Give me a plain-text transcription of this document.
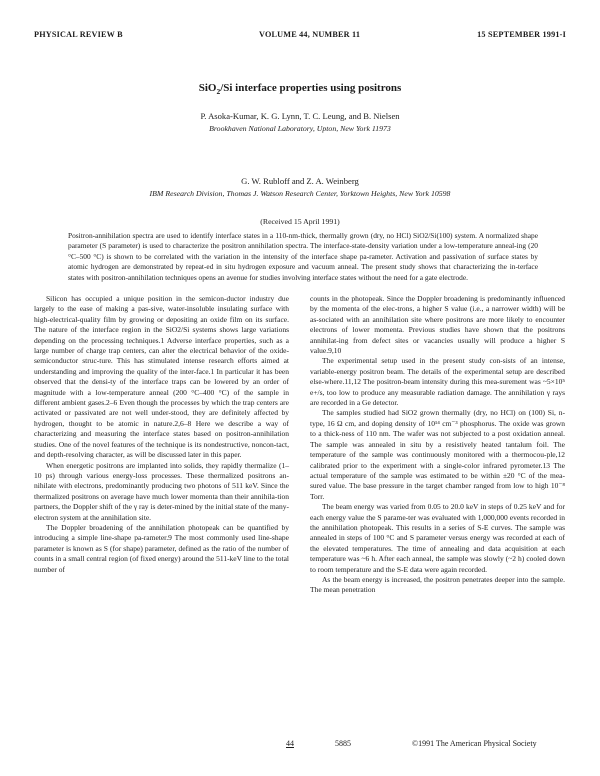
PHYSICAL REVIEW B	VOLUME 44, NUMBER 11	15 SEPTEMBER 1991-I
SiO$_2$/Si interface properties using positrons
P. Asoka-Kumar, K. G. Lynn, T. C. Leung, and B. Nielsen
Brookhaven National Laboratory, Upton, New York 11973
G. W. Rubloff and Z. A. Weinberg
IBM Research Division, Thomas J. Watson Research Center, Yorktown Heights, New York 10598
(Received 15 April 1991)
Positron-annihilation spectra are used to identify interface states in a 110-nm-thick, thermally grown (dry, no HCl) SiO2/Si(100) system. A normalized shape parameter (S parameter) is used to characterize the positron annihilation spectra. The interface-state-density variation under a low-temperature anneal-ing (20 °C–500 °C) is shown to be correlated with the variation in the intensity of the interface shape pa-rameter. Activation and passivation of surface states by atomic hydrogen are demonstrated by repeat-ed in situ hydrogen exposure and vacuum anneal. The present study shows that characterizing the in-terface states with positron-annihilation techniques opens an avenue for studies involving interface states without the need for a gate electrode.

Silicon has occupied a unique position in the semicon-ductor industry due largely to the ease of making a pas-sive, water-insoluble insulating surface with high-electrical-quality film by growing or depositing an oxide film on its surface. The nature of the interface region in the SiO2/Si systems shows large variations depending on the processing techniques.1 Adverse interface properties, such as a large number of charge trap centers, can alter the electrical behavior of the oxide-semiconductor struc-ture. This has stimulated intense research efforts aimed at understanding and improving the quality of the inter-face.1 In particular it has been observed that the densi-ty of the interface traps can be lowered by an order of magnitude with a low-temperature anneal (200 °C–400 °C) of the sample in different ambient gases.2–6 Even though the processes by which the trap centers are activated or passivated are not well under-stood, they are definitely affected by hydrogen, thought to be atomic in nature.2,6–8 Here we describe a way of characterizing and measuring the interface states based on positron-annihilation studies. One of the novel features of the technique is its nondestructive, noncon-tact, and depth-resolving character, as will be discussed later in this paper.

When energetic positrons are implanted into solids, they rapidly thermalize (1–10 ps) through various energy-loss processes. These thermalized positrons an-nihilate with electrons, predominantly producing two photons of 511 keV. Since the thermalized positrons on average have much lower momenta than their annihila-tion partners, the Doppler shift of the γ ray is deter-mined by the initial state of the many-electron system at the annihilation site.

The Doppler broadening of the annihilation photopeak can be quantified by introducing a simple line-shape pa-rameter.9 The most commonly used line-shape parameter is known as S (for shape) parameter, defined as the ratio of the number of counts in a small central region (of fixed energy) around the 511-keV line to the total number of

counts in the photopeak. Since the Doppler broadening is predominantly influenced by the momenta of the elec-trons, a higher S value (i.e., a narrower width) will be as-sociated with an annihilation site where positrons are more likely to encounter electrons of lower momenta. Previous studies have shown that the positrons annihilat-ing from defect sites or vacancies usually will produce a higher S value.9,10

The experimental setup used in the present study con-sists of an intense, variable-energy positron beam. The details of the experimental setup are described else-where.11,12 The positron-beam intensity during this mea-surement was ~5×10⁵ e+/s, too low to produce any measurable radiation damage. The annihilation γ rays are recorded in a Ge detector.

The samples studied had SiO2 grown thermally (dry, no HCl) on (100) Si, n-type, 16 Ω cm, and doping density of 10¹⁴ cm⁻³ phosphorus. The oxide was grown to a thick-ness of 110 nm. The wafer was not subjected to a post oxidation anneal. The sample was annealed in situ by a resistively heated tantalum foil. The temperature of the sample was continuously monitored with a thermocou-ple,12 calibrated prior to the experiment with a single-color infrared pyrometer.13 The actual temperature of the sample was estimated to be within ±20 °C of the mea-sured value. The base pressure in the target chamber ranged from low to high 10⁻⁸ Torr.

The beam energy was varied from 0.05 to 20.0 keV in steps of 0.25 keV and for each energy value the S parame-ter was evaluated with 1,000,000 events recorded in the annihilation photopeak. This results in a series of S-E curves. The sample was annealed in steps of 100 °C and S parameter versus energy was recorded at each of the elevated temperatures. The time of annealing and data acquisition at each temperature was ~6 h. After each anneal, the sample was slowly (~2 h) cooled down to room temperature and the S-E data were again recorded.

As the beam energy is increased, the positron penetrates deeper into the sample. The mean penetration

44	5885	©1991 The American Physical Society
